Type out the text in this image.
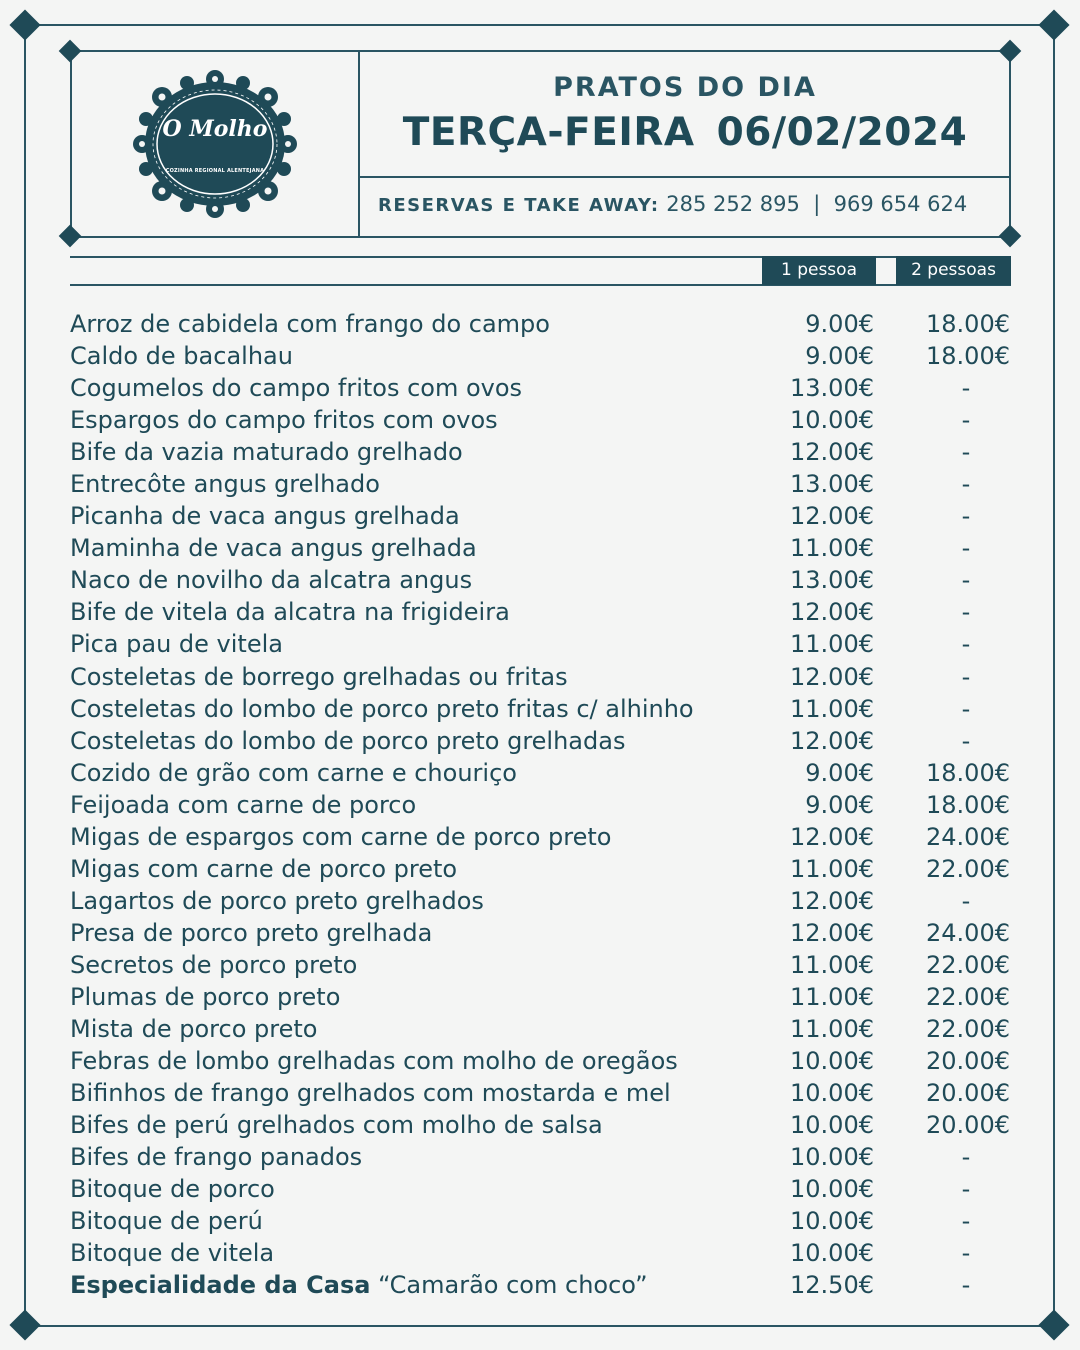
O Molho
COZINHA REGIONAL ALENTEJANA
PRATOS DO DIA
TERÇA-FEIRA 06/02/2024
RESERVAS E TAKE AWAY: 285 252 895  |  969 654 624
1 pessoa	2 pessoas
Arroz de cabidela com frango do campo	9.00€	18.00€
Caldo de bacalhau	9.00€	18.00€
Cogumelos do campo fritos com ovos	13.00€	-
Espargos do campo fritos com ovos	10.00€	-
Bife da vazia maturado grelhado	12.00€	-
Entrecôte angus grelhado	13.00€	-
Picanha de vaca angus grelhada	12.00€	-
Maminha de vaca angus grelhada	11.00€	-
Naco de novilho da alcatra angus	13.00€	-
Bife de vitela da alcatra na frigideira	12.00€	-
Pica pau de vitela	11.00€	-
Costeletas de borrego grelhadas ou fritas	12.00€	-
Costeletas do lombo de porco preto fritas c/ alhinho	11.00€	-
Costeletas do lombo de porco preto grelhadas	12.00€	-
Cozido de grão com carne e chouriço	9.00€	18.00€
Feijoada com carne de porco	9.00€	18.00€
Migas de espargos com carne de porco preto	12.00€	24.00€
Migas com carne de porco preto	11.00€	22.00€
Lagartos de porco preto grelhados	12.00€	-
Presa de porco preto grelhada	12.00€	24.00€
Secretos de porco preto	11.00€	22.00€
Plumas de porco preto	11.00€	22.00€
Mista de porco preto	11.00€	22.00€
Febras de lombo grelhadas com molho de oregãos	10.00€	20.00€
Bifinhos de frango grelhados com mostarda e mel	10.00€	20.00€
Bifes de perú grelhados com molho de salsa	10.00€	20.00€
Bifes de frango panados	10.00€	-
Bitoque de porco	10.00€	-
Bitoque de perú	10.00€	-
Bitoque de vitela	10.00€	-
Especialidade da Casa “Camarão com choco”	12.50€	-
